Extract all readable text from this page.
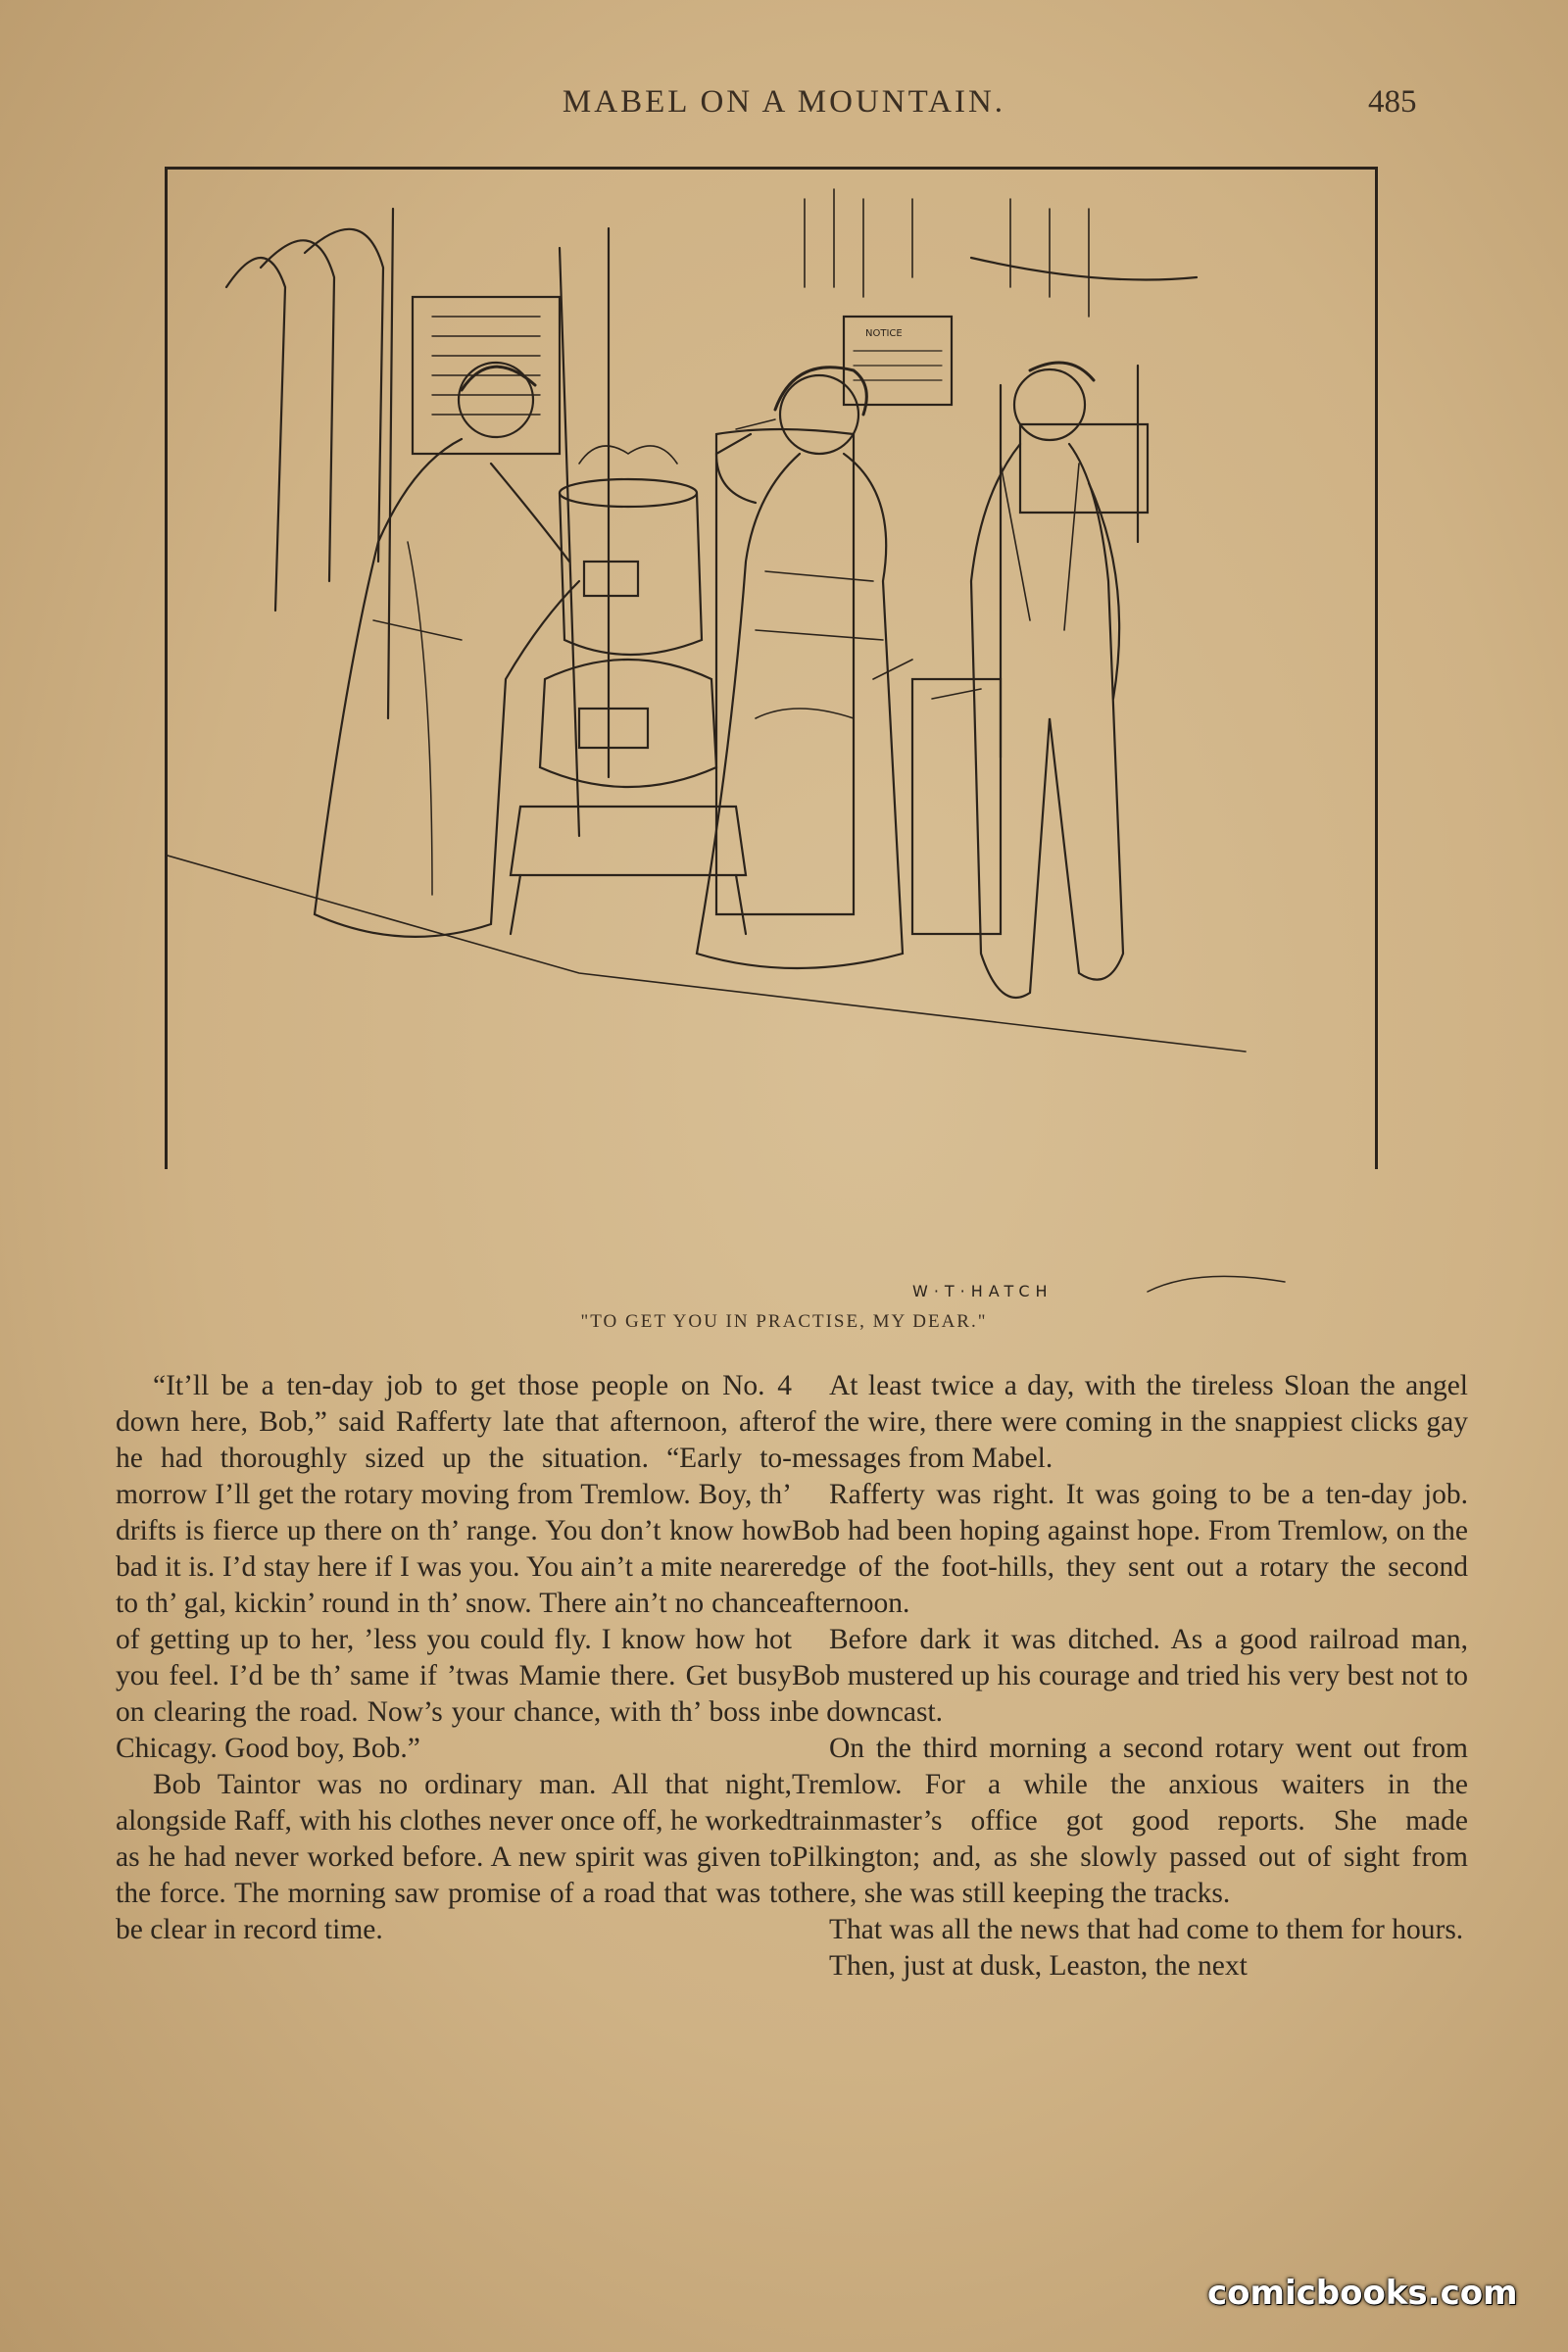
MABEL ON A MOUNTAIN.	485
NOTICE
W·T·HATCH
"TO GET YOU IN PRACTISE, MY DEAR."

“It’ll be a ten-day job to get those people on No. 4 down here, Bob,” said Rafferty late that afternoon, after he had thoroughly sized up the situation. “Early to-morrow I’ll get the rotary moving from Tremlow. Boy, th’ drifts is fierce up there on th’ range. You don’t know how bad it is. I’d stay here if I was you. You ain’t a mite nearer to th’ gal, kickin’ round in th’ snow. There ain’t no chance of getting up to her, ’less you could fly. I know how hot you feel. I’d be th’ same if ’twas Mamie there. Get busy on clearing the road. Now’s your chance, with th’ boss in Chicagy. Good boy, Bob.”

Bob Taintor was no ordinary man. All that night, alongside Raff, with his clothes never once off, he worked as he had never worked before. A new spirit was given to the force. The morning saw promise of a road that was to be clear in record time.

At least twice a day, with the tireless Sloan the angel of the wire, there were coming in the snappiest clicks gay messages from Mabel.

Rafferty was right. It was going to be a ten-day job. Bob had been hoping against hope. From Tremlow, on the edge of the foot-hills, they sent out a rotary the second afternoon.

Before dark it was ditched. As a good railroad man, Bob mustered up his courage and tried his very best not to be downcast.

On the third morning a second rotary went out from Tremlow. For a while the anxious waiters in the trainmaster’s office got good reports. She made Pilkington; and, as she slowly passed out of sight from there, she was still keeping the tracks.

That was all the news that had come to them for hours.

Then, just at dusk, Leaston, the next

comicbooks.com
